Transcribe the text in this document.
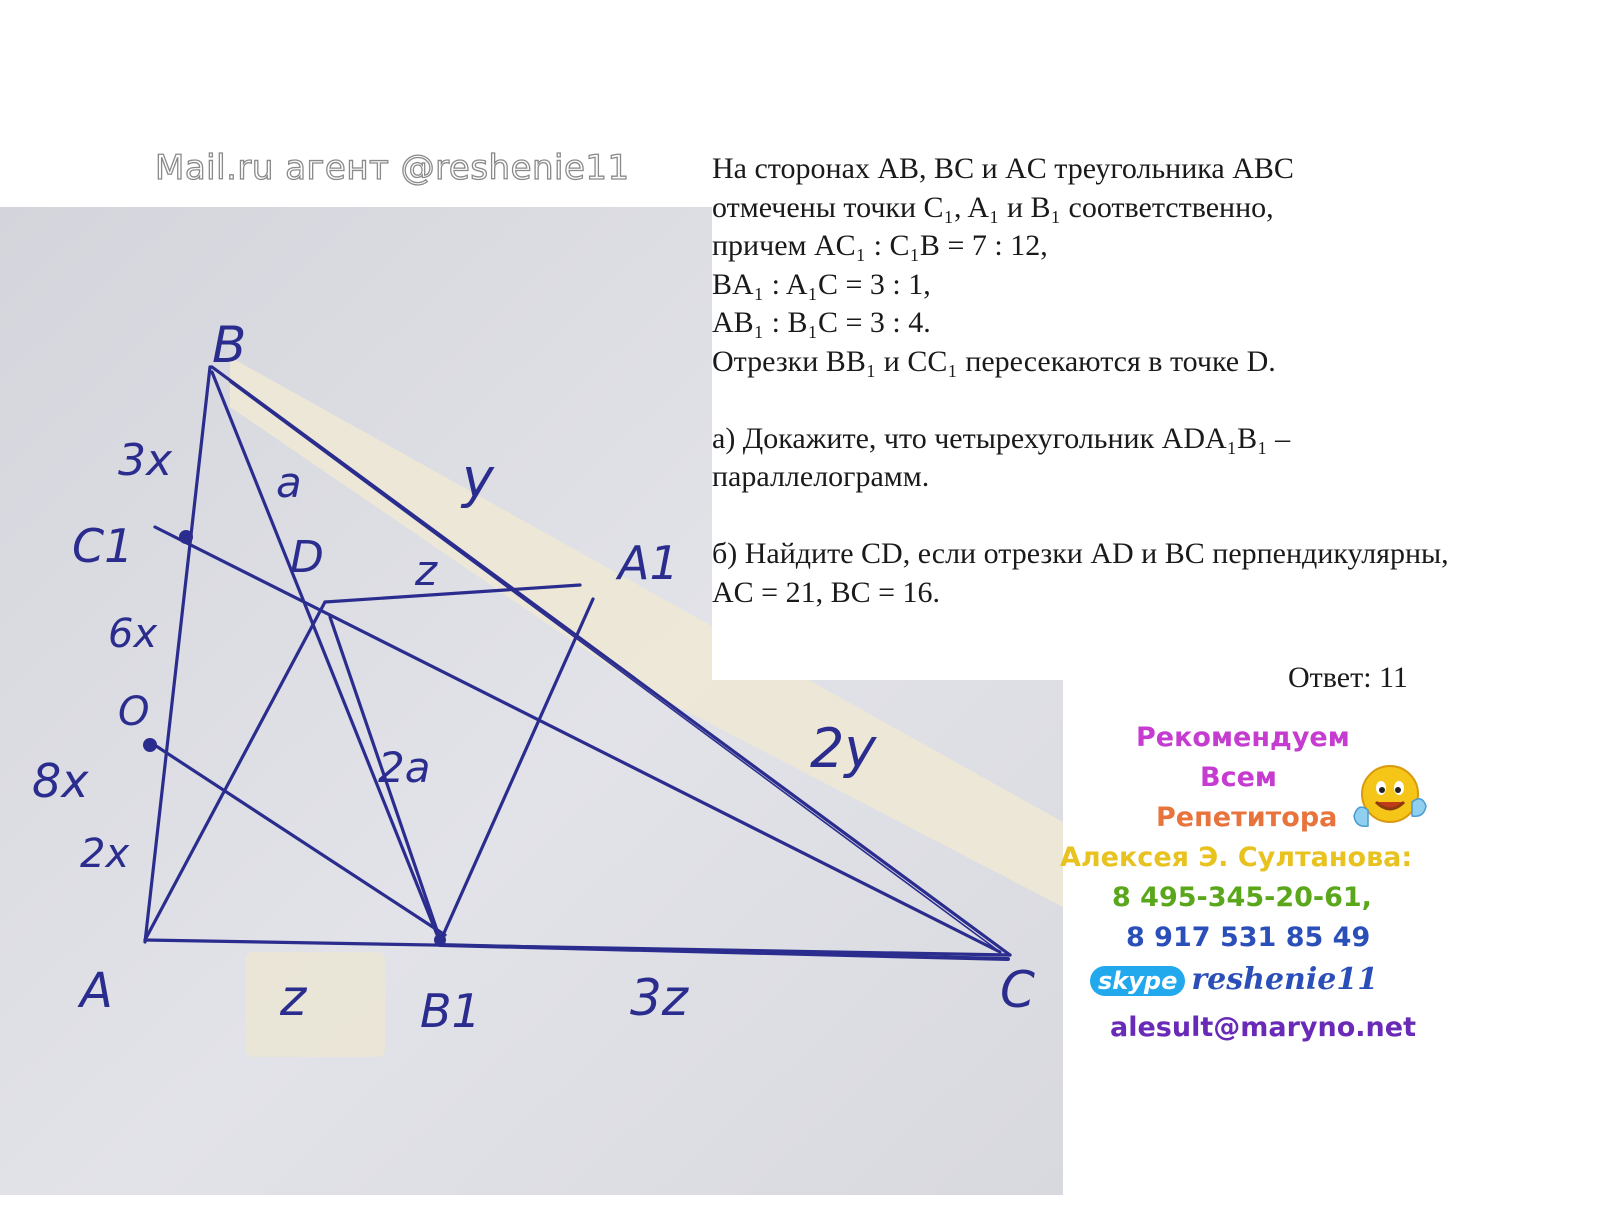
Mail.ru агент @reshenie11
B
A	C
C1	A1
B1
D
O
3x
6x
8x
2x
a	y
z
2a	2y
z	3z

На сторонах AB, BC и AC треугольника ABC

отмечены точки C₁, A₁ и B₁ соответственно,

причем AC₁ : C₁B = 7 : 12,

BA₁ : A₁C = 3 : 1,

AB₁ : B₁C = 3 : 4.

Отрезки BB₁ и CC₁ пересекаются в точке D.

а) Докажите, что четырехугольник ADA₁B₁ –

параллелограмм.

б) Найдите CD, если отрезки AD и BC перпендикулярны,

AC = 21, BC = 16.

Ответ: 11
Рекомендуем
Всем
Репетитора
Алексея Э. Султанова:
8 495-345-20-61,
8 917 531 85 49
skype reshenie11
alesult@maryno.net
